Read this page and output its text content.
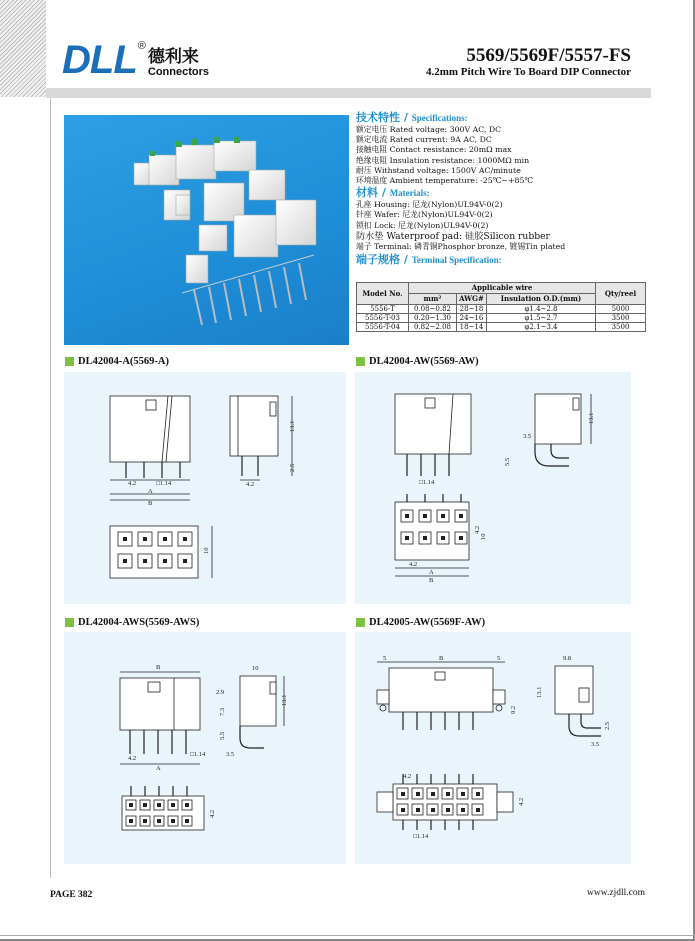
DLL ®
德利来
Connectors
5569/5569F/5557-FS
4.2mm Pitch Wire To Board DIP Connector
技术特性 / Specifications:
额定电压 Rated voltage: 300V AC, DC
额定电流 Rated current: 9A AC, DC
接触电阻 Contact resistance: 20mΩ max
绝缘电阻 Insulation resistance: 1000MΩ min
耐压 Withstand voltage: 1500V AC/minute
环境温度 Ambient temperature: -25℃~+85℃
材料 / Materials:
孔座 Housing: 尼龙(Nylon)UL94V-0(2)
针座 Wafer: 尼龙(Nylon)UL94V-0(2)
锁扣 Lock: 尼龙(Nylon)UL94V-0(2)
防水垫 Waterproof pad: 硅胶Silicon rubber
端子 Terminal: 磷青铜Phosphor bronze, 镀锡Tin plated
端子规格 / Terminal Specification:
Model No.	Applicable wire			Qty/reel
	mm²	AWG#	Insulation O.D.(mm)	
5556-T	0.08~0.82	28~18	φ1.4~2.8	5000
5556-T-03	0.20~1.30	24~16	φ1.5~2.7	3500
5556-T-04	0.82~2.08	18~14	φ2.1~3.4	3500
DL42004-A(5569-A)	DL42004-AW(5569-AW)
DL42004-AWS(5569-AWS)	DL42005-AW(5569F-AW)
4.2	□1.14
A
B
13.1
2.5
4.2
10
□1.14
13.1
3.5
5.5
4.2
A
B
10
4.2
B
4.2
A
□1.14
10
13.1
2.9
7.3
5.5
3.5
4.2
5	B	5
9.2
9.8
13.1
2.5
3.5
4.2
□1.14
4.2
PAGE 382	www.zjdll.com
